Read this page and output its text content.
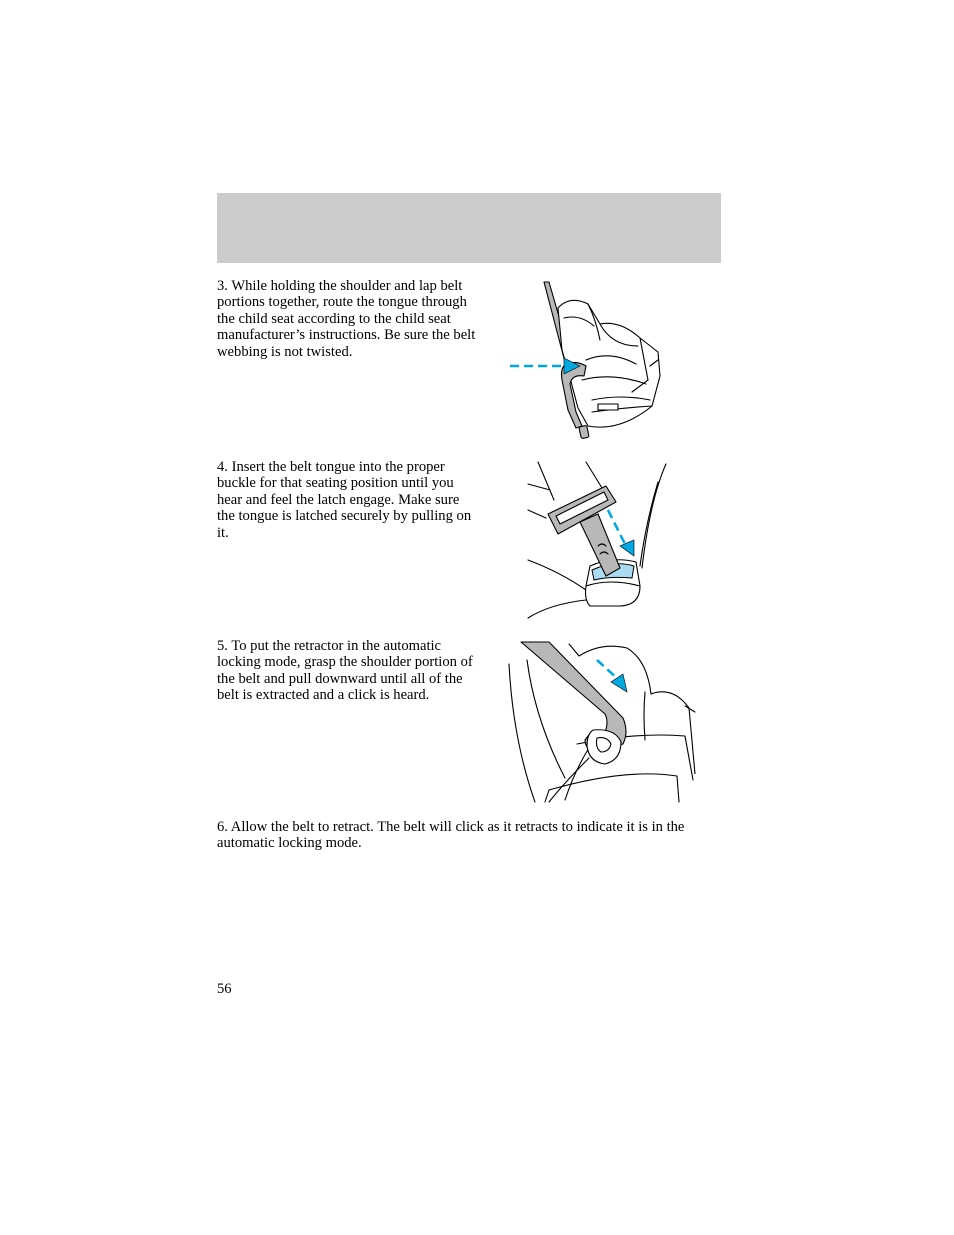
3. While holding the shoulder and lap belt portions together, route the tongue through the child seat according to the child seat manufacturer’s instructions. Be sure the belt webbing is not twisted.

4. Insert the belt tongue into the proper buckle for that seating position until you hear and feel the latch engage. Make sure the tongue is latched securely by pulling on it.

5. To put the retractor in the automatic locking mode, grasp the shoulder portion of the belt and pull downward until all of the belt is extracted and a click is heard.

6. Allow the belt to retract. The belt will click as it retracts to indicate it is in the automatic locking mode.

56
